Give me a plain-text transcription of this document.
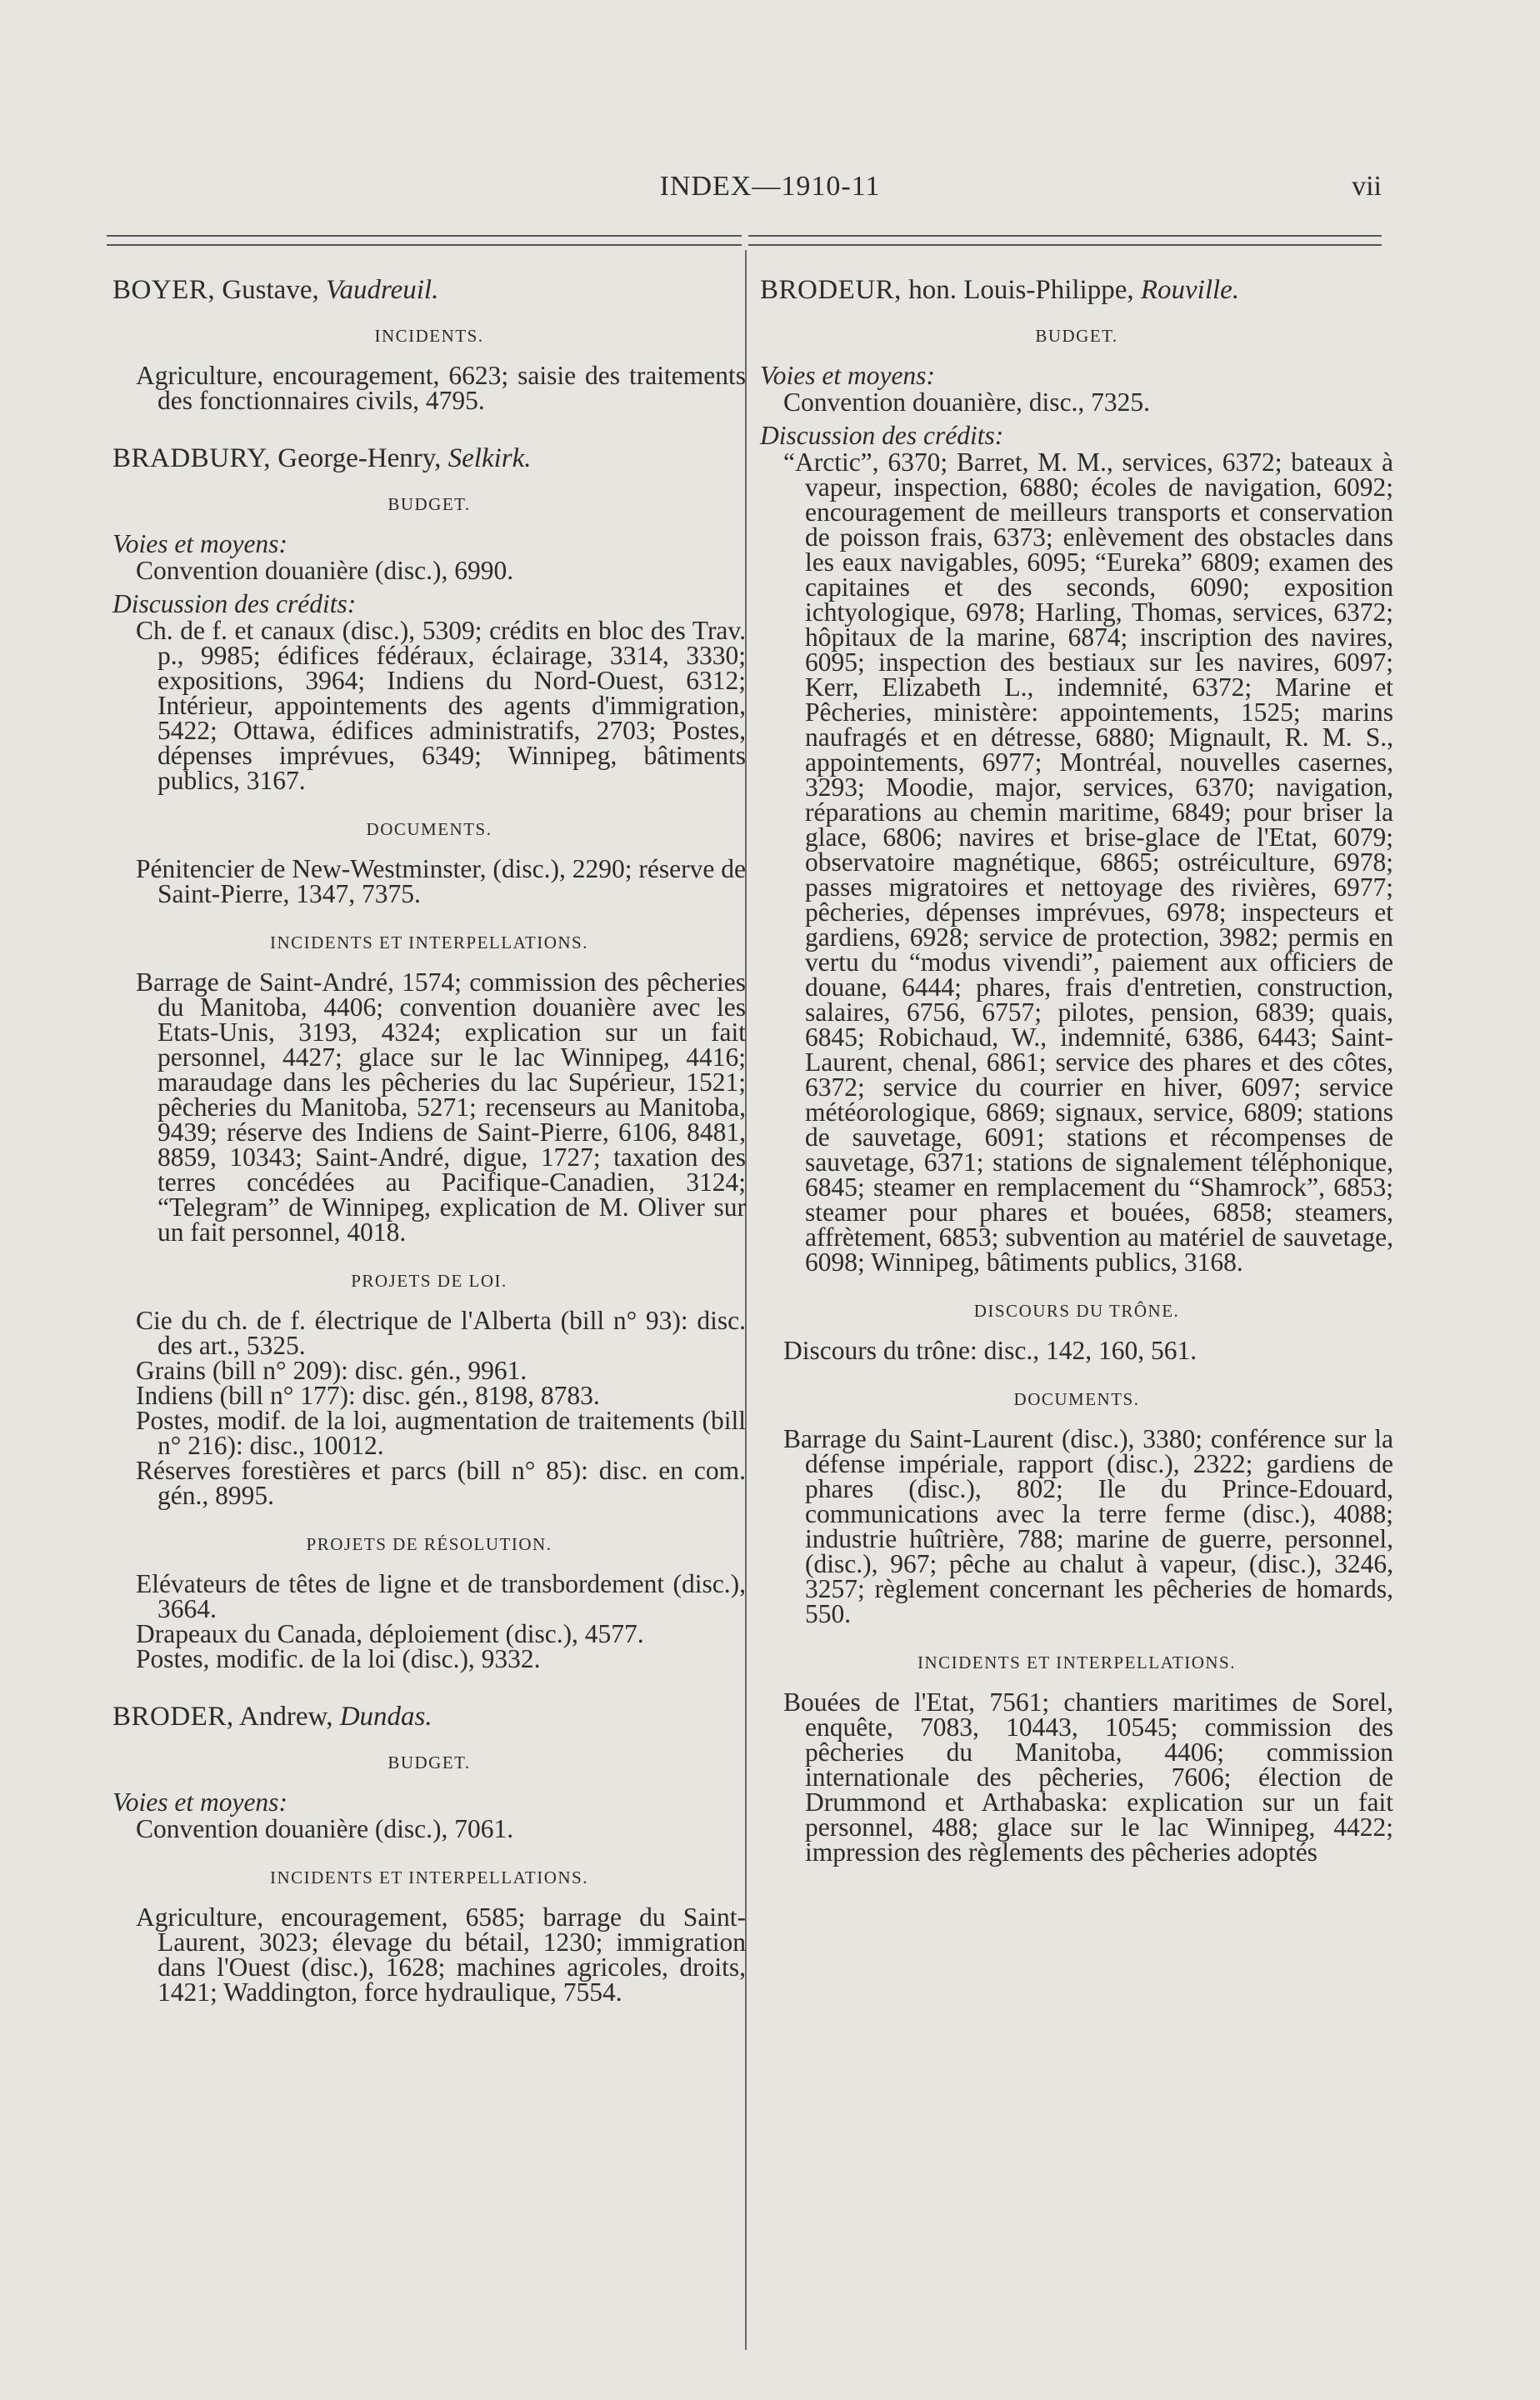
INDEX—1910-11	vii
BOYER, Gustave, Vaudreuil.
INCIDENTS.
Agriculture, encouragement, 6623; saisie des traitements des fonctionnaires civils, 4795.
BRADBURY, George-Henry, Selkirk.
BUDGET.
Voies et moyens:
Convention douanière (disc.), 6990.
Discussion des crédits:
Ch. de f. et canaux (disc.), 5309; crédits en bloc des Trav. p., 9985; édifices fédéraux, éclairage, 3314, 3330; expositions, 3964; Indiens du Nord-Ouest, 6312; Intérieur, appointements des agents d'immigration, 5422; Ottawa, édifices administratifs, 2703; Postes, dépenses imprévues, 6349; Winnipeg, bâtiments publics, 3167.
DOCUMENTS.
Pénitencier de New-Westminster, (disc.), 2290; réserve de Saint-Pierre, 1347, 7375.
INCIDENTS ET INTERPELLATIONS.
Barrage de Saint-André, 1574; commission des pêcheries du Manitoba, 4406; convention douanière avec les Etats-Unis, 3193, 4324; explication sur un fait personnel, 4427; glace sur le lac Winnipeg, 4416; maraudage dans les pêcheries du lac Supérieur, 1521; pêcheries du Manitoba, 5271; recenseurs au Manitoba, 9439; réserve des Indiens de Saint-Pierre, 6106, 8481, 8859, 10343; Saint-André, digue, 1727; taxation des terres concédées au Pacifique-Canadien, 3124; “Telegram” de Winnipeg, explication de M. Oliver sur un fait personnel, 4018.
PROJETS DE LOI.
Cie du ch. de f. électrique de l'Alberta (bill n° 93): disc. des art., 5325.
Grains (bill n° 209): disc. gén., 9961.
Indiens (bill n° 177): disc. gén., 8198, 8783.
Postes, modif. de la loi, augmentation de traitements (bill n° 216): disc., 10012.
Réserves forestières et parcs (bill n° 85): disc. en com. gén., 8995.
PROJETS DE RÉSOLUTION.
Elévateurs de têtes de ligne et de transbordement (disc.), 3664.
Drapeaux du Canada, déploiement (disc.), 4577.
Postes, modific. de la loi (disc.), 9332.
BRODER, Andrew, Dundas.
BUDGET.
Voies et moyens:
Convention douanière (disc.), 7061.
INCIDENTS ET INTERPELLATIONS.
Agriculture, encouragement, 6585; barrage du Saint-Laurent, 3023; élevage du bétail, 1230; immigration dans l'Ouest (disc.), 1628; machines agricoles, droits, 1421; Waddington, force hydraulique, 7554.
BRODEUR, hon. Louis-Philippe, Rouville.
BUDGET.
Voies et moyens:
Convention douanière, disc., 7325.
Discussion des crédits:
“Arctic”, 6370; Barret, M. M., services, 6372; bateaux à vapeur, inspection, 6880; écoles de navigation, 6092; encouragement de meilleurs transports et conservation de poisson frais, 6373; enlèvement des obstacles dans les eaux navigables, 6095; “Eureka” 6809; examen des capitaines et des seconds, 6090; exposition ichtyologique, 6978; Harling, Thomas, services, 6372; hôpitaux de la marine, 6874; inscription des navires, 6095; inspection des bestiaux sur les navires, 6097; Kerr, Elizabeth L., indemnité, 6372; Marine et Pêcheries, ministère: appointements, 1525; marins naufragés et en détresse, 6880; Mignault, R. M. S., appointements, 6977; Montréal, nouvelles casernes, 3293; Moodie, major, services, 6370; navigation, réparations au chemin maritime, 6849; pour briser la glace, 6806; navires et brise-glace de l'Etat, 6079; observatoire magnétique, 6865; ostréiculture, 6978; passes migratoires et nettoyage des rivières, 6977; pêcheries, dépenses imprévues, 6978; inspecteurs et gardiens, 6928; service de protection, 3982; permis en vertu du “modus vivendi”, paiement aux officiers de douane, 6444; phares, frais d'entretien, construction, salaires, 6756, 6757; pilotes, pension, 6839; quais, 6845; Robichaud, W., indemnité, 6386, 6443; Saint-Laurent, chenal, 6861; service des phares et des côtes, 6372; service du courrier en hiver, 6097; service météorologique, 6869; signaux, service, 6809; stations de sauvetage, 6091; stations et récompenses de sauvetage, 6371; stations de signalement téléphonique, 6845; steamer en remplacement du “Shamrock”, 6853; steamer pour phares et bouées, 6858; steamers, affrètement, 6853; subvention au matériel de sauvetage, 6098; Winnipeg, bâtiments publics, 3168.
DISCOURS DU TRÔNE.
Discours du trône: disc., 142, 160, 561.
DOCUMENTS.
Barrage du Saint-Laurent (disc.), 3380; conférence sur la défense impériale, rapport (disc.), 2322; gardiens de phares (disc.), 802; Ile du Prince-Edouard, communications avec la terre ferme (disc.), 4088; industrie huîtrière, 788; marine de guerre, personnel, (disc.), 967; pêche au chalut à vapeur, (disc.), 3246, 3257; règlement concernant les pêcheries de homards, 550.
INCIDENTS ET INTERPELLATIONS.
Bouées de l'Etat, 7561; chantiers maritimes de Sorel, enquête, 7083, 10443, 10545; commission des pêcheries du Manitoba, 4406; commission internationale des pêcheries, 7606; élection de Drummond et Arthabaska: explication sur un fait personnel, 488; glace sur le lac Winnipeg, 4422; impression des règlements des pêcheries adoptés
